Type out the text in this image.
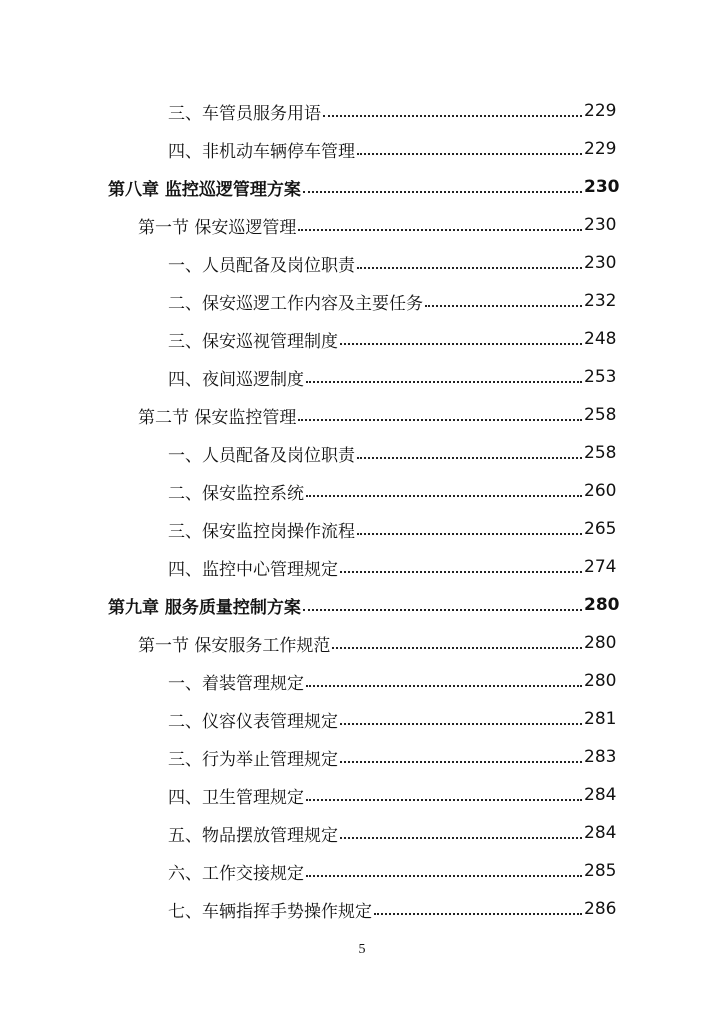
三、车管员服务用语	229
四、非机动车辆停车管理	229
第八章 监控巡逻管理方案	230
第一节 保安巡逻管理	230
一、人员配备及岗位职责	230
二、保安巡逻工作内容及主要任务	232
三、保安巡视管理制度	248
四、夜间巡逻制度	253
第二节 保安监控管理	258
一、人员配备及岗位职责	258
二、保安监控系统	260
三、保安监控岗操作流程	265
四、监控中心管理规定	274
第九章 服务质量控制方案	280
第一节 保安服务工作规范	280
一、着装管理规定	280
二、仪容仪表管理规定	281
三、行为举止管理规定	283
四、卫生管理规定	284
五、物品摆放管理规定	284
六、工作交接规定	285
七、车辆指挥手势操作规定	286
5
